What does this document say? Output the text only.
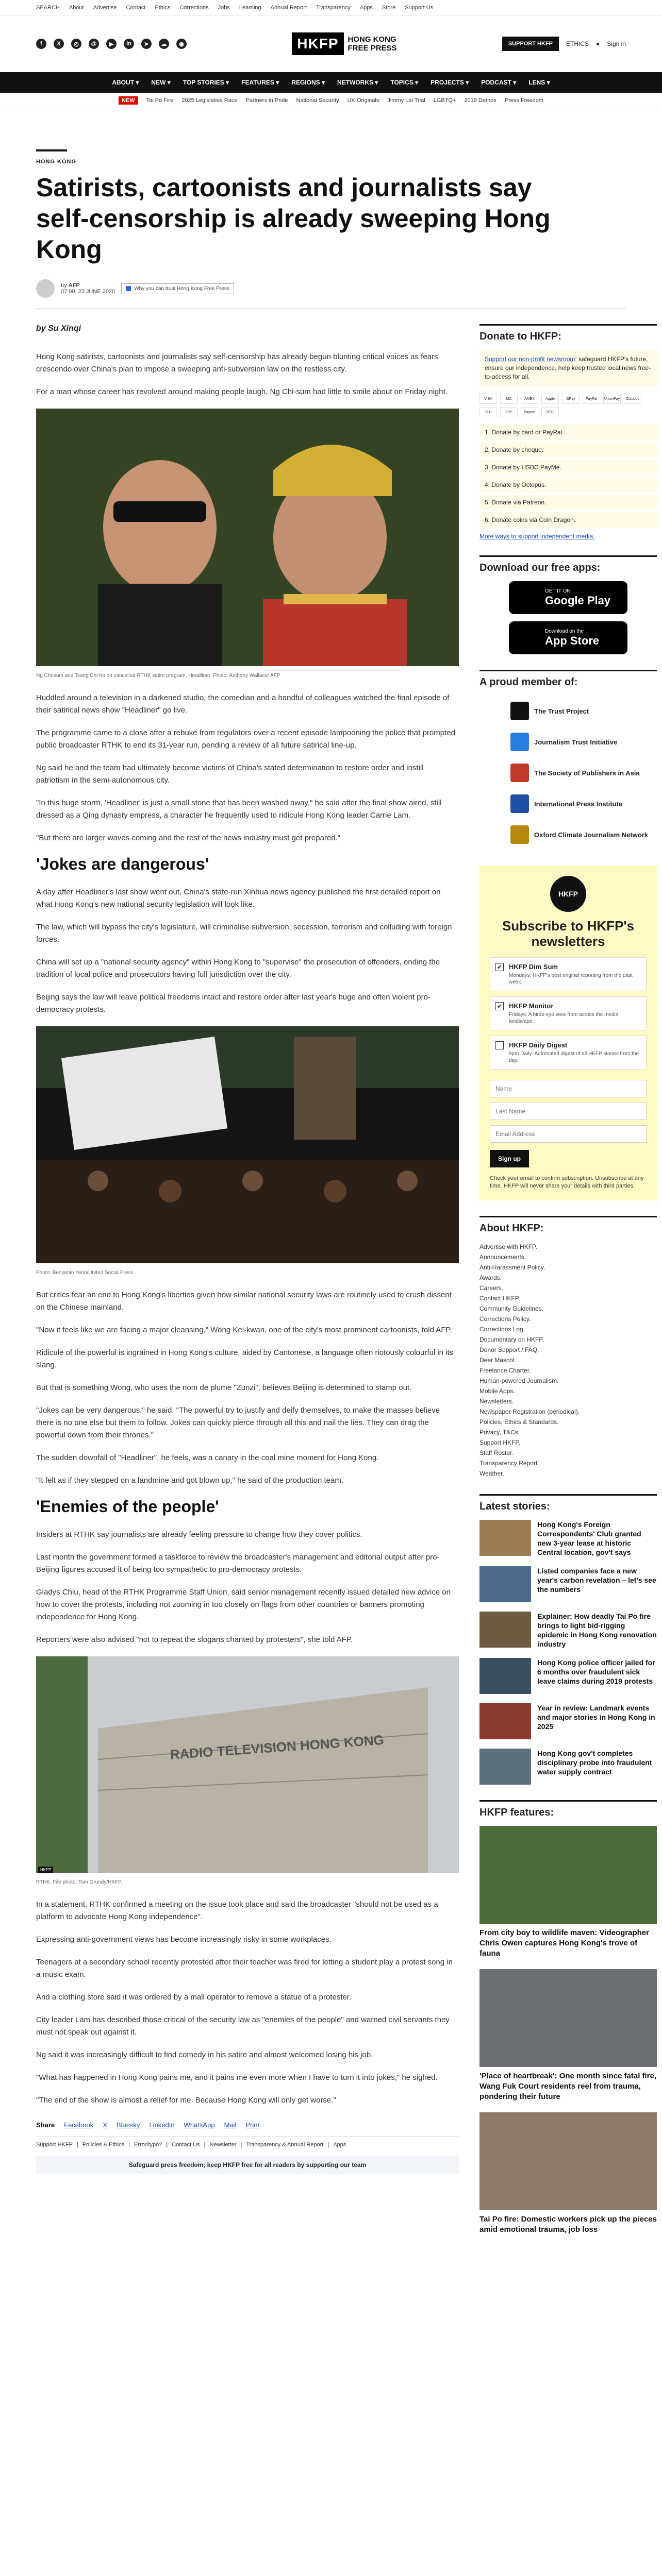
SEARCH About Advertise Contact Ethics Corrections Jobs Learning Annual Report Transparency Apps Store Support Us
f	X	◎	@	▶	in	➤	☁	◉	HKFP	HONG KONG
FREE PRESS	SUPPORT HKFP	ETHICS ● Sign in
ABOUT ▾ NEW ▾ TOP STORIES ▾ FEATURES ▾ REGIONS ▾ NETWORKS ▾ TOPICS ▾ PROJECTS ▾ PODCAST ▾ LENS ▾
NEW	Tai Po Fire 2025 Legislative Race Partners in Pride National Security UK Originals Jimmy Lai Trial LGBTQ+ 2019 Demos Press Freedom
HONG KONG
Satirists, cartoonists and journalists say self-censorship is already sweeping Hong Kong
by AFP
07:00, 23 JUNE 2020	Why you can trust Hong Kong Free Press
by Su Xinqi

Hong Kong satirists, cartoonists and journalists say self-censorship has already begun blunting critical voices as fears crescendo over China's plan to impose a sweeping anti-subversion law on the restless city.

For a man whose career has revolved around making people laugh, Ng Chi-sum had little to smile about on Friday night.

Ng Chi-sum and Tsang Chi-ho on cancelled RTHK satire program, Headliner. Photo: Anthony Wallace/ AFP

Huddled around a television in a darkened studio, the comedian and a handful of colleagues watched the final episode of their satirical news show "Headliner" go live.

The programme came to a close after a rebuke from regulators over a recent episode lampooning the police that prompted public broadcaster RTHK to end its 31-year run, pending a review of all future satirical line-up.

Ng said he and the team had ultimately become victims of China's stated determination to restore order and instill patriotism in the semi-autonomous city.

"In this huge storm, 'Headliner' is just a small stone that has been washed away," he said after the final show aired, still dressed as a Qing dynasty empress, a character he frequently used to ridicule Hong Kong leader Carrie Lam.

"But there are larger waves coming and the rest of the news industry must get prepared."

'Jokes are dangerous'

A day after Headliner's last show went out, China's state-run Xinhua news agency published the first detailed report on what Hong Kong's new national security legislation will look like.

The law, which will bypass the city's legislature, will criminalise subversion, secession, terrorism and colluding with foreign forces.

China will set up a "national security agency" within Hong Kong to "supervise" the prosecution of offenders, ending the tradition of local police and prosecutors having full jurisdiction over the city.

Beijing says the law will leave political freedoms intact and restore order after last year's huge and often violent pro-democracy protests.

Photo: Benjamin Yeon/United Social Press.

But critics fear an end to Hong Kong's liberties given how similar national security laws are routinely used to crush dissent on the Chinese mainland.

"Now it feels like we are facing a major cleansing," Wong Kei-kwan, one of the city's most prominent cartoonists, told AFP.

Ridicule of the powerful is ingrained in Hong Kong's culture, aided by Cantonese, a language often riotously colourful in its slang.

But that is something Wong, who uses the nom de plume "Zunzi", believes Beijing is determined to stamp out.

"Jokes can be very dangerous," he said. "The powerful try to justify and deify themselves, to make the masses believe there is no one else but them to follow. Jokes can quickly pierce through all this and nail the lies. They can drag the powerful down from their thrones."

The sudden downfall of "Headliner", he feels, was a canary in the coal mine moment for Hong Kong.

"It felt as if they stepped on a landmine and got blown up," he said of the production team.

'Enemies of the people'

Insiders at RTHK say journalists are already feeling pressure to change how they cover politics.

Last month the government formed a taskforce to review the broadcaster's management and editorial output after pro-Beijing figures accused it of being too sympathetic to pro-democracy protests.

Gladys Chiu, head of the RTHK Programme Staff Union, said senior management recently issued detailed new advice on how to cover the protests, including not zooming in too closely on flags from other countries or banners promoting independence for Hong Kong.

Reporters were also advised "not to repeat the slogans chanted by protesters", she told AFP.

RADIO TELEVISION HONG KONG
HKFP
RTHK. File photo: Tom Grundy/HKFP.

In a statement, RTHK confirmed a meeting on the issue took place and said the broadcaster "should not be used as a platform to advocate Hong Kong independence".

Expressing anti-government views has become increasingly risky in some workplaces.

Teenagers at a secondary school recently protested after their teacher was fired for letting a student play a protest song in a music exam.

And a clothing store said it was ordered by a mall operator to remove a statue of a protester.

City leader Lam has described those critical of the security law as "enemies of the people" and warned civil servants they must not speak out against it.

Ng said it was increasingly difficult to find comedy in his satire and almost welcomed losing his job.

"What has happened in Hong Kong pains me, and it pains me even more when I have to turn it into jokes," he sighed.

"The end of the show is almost a relief for me. Because Hong Kong will only get worse."

Share Facebook X Bluesky LinkedIn WhatsApp Mail Print
Support HKFP | Policies & Ethics | Error/typo? | Contact Us | Newsletter | Transparency & Annual Report | Apps
Safeguard press freedom; keep HKFP free for all readers by supporting our team
Donate to HKFP:
Support our non-profit newsroom: safeguard HKFP's future, ensure our independence, help keep trusted local news free-to-access for all.
VISA	MC	AMEX	Apple	GPay	PayPal	UnionPay	Octopus
JCB	FPS	Payme	BTC
1. Donate by card or PayPal.
2. Donate by cheque.
3. Donate by HSBC PayMe.
4. Donate by Octopus.
5. Donate via Patreon.
6. Donate coins via Coin Dragon.
More ways to support independent media.
Download our free apps:
GET IT ON
Google Play
Download on the
App Store
A proud member of:
The Trust Project
Journalism Trust Initiative
The Society of Publishers in Asia
International Press Institute
Oxford Climate Journalism Network
HKFP
Subscribe to HKFP's newsletters
✔ HKFP Dim Sum
Mondays: HKFP's best original reporting from the past week.
✔ HKFP Monitor
Fridays: A birds-eye view from across the media landscape.
HKFP Daily Digest
9pm Daily: Automated digest of all HKFP stories from the day.
Name Last Name Email Address Sign up
Check your email to confirm subscription. Unsubscribe at any time. HKFP will never share your details with third parties.
About HKFP:
Advertise with HKFP.
Announcements.
Anti-Harassment Policy.
Awards.
Careers.
Contact HKFP.
Community Guidelines.
Corrections Policy.
Corrections Log.
Documentary on HKFP.
Donor Support / FAQ.
Deer Mascot.
Freelance Charter.
Human-powered Journalism.
Mobile Apps.
Newsletters.
Newspaper Registration (periodical).
Policies, Ethics & Standards.
Privacy, T&Cs.
Support HKFP.
Staff Roster.
Transparency Report.
Weather.
Latest stories:
Hong Kong's Foreign Correspondents' Club granted new 3-year lease at historic Central location, gov't says
Listed companies face a new year's carbon revelation – let's see the numbers
Explainer: How deadly Tai Po fire brings to light bid-rigging epidemic in Hong Kong renovation industry
Hong Kong police officer jailed for 6 months over fraudulent sick leave claims during 2019 protests
Year in review: Landmark events and major stories in Hong Kong in 2025
Hong Kong gov't completes disciplinary probe into fraudulent water supply contract
HKFP features:
From city boy to wildlife maven: Videographer Chris Owen captures Hong Kong's trove of fauna
'Place of heartbreak': One month since fatal fire, Wang Fuk Court residents reel from trauma, pondering their future
Tai Po fire: Domestic workers pick up the pieces amid emotional trauma, job loss
